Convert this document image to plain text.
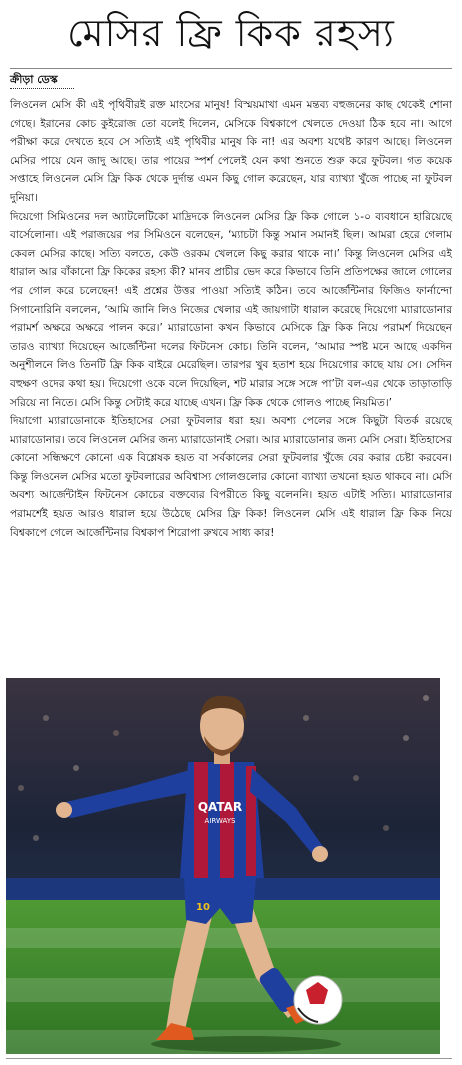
মেসির ফ্রি কিক রহস্য
ক্রীড়া ডেস্ক

লিওনেল মেসি কী এই পৃথিবীরই রক্ত মাংসের মানুষ! বিস্ময়মাখা এমন মন্তব্য বহুজনের কাছ থেকেই শোনা গেছে। ইরানের কোচ কুইরোজ তো বলেই দিলেন, মেসিকে বিশ্বকাপে খেলতে দেওয়া ঠিক হবে না। আগে পরীক্ষা করে দেখতে হবে সে সত্যিই এই পৃথিবীর মানুষ কি না! এর অবশ্য যথেষ্ট কারণ আছে। লিওনেল মেসির পায়ে যেন জাদু আছে। তার পায়ের স্পর্শ পেলেই যেন কথা শুনতে শুরু করে ফুটবল। গত কয়েক সপ্তাহে লিওনেল মেসি ফ্রি কিক থেকে দুর্দান্ত এমন কিছু গোল করেছেন, যার ব্যাখ্যা খুঁজে পাচ্ছে না ফুটবল দুনিয়া।

দিয়েগো সিমিওনের দল অ্যাটলেটিকো মাদ্রিদকে লিওনেল মেসির ফ্রি কিক গোলে ১-০ ব্যবধানে হারিয়েছে বার্সেলোনা। এই পরাজয়ের পর সিমিওনে বলেছেন, ‘ম্যাচটা কিন্তু সমান সমানই ছিল। আমরা হেরে গেলাম কেবল মেসির কাছে। সত্যি বলতে, কেউ ওরকম খেললে কিছু করার থাকে না।’ কিন্তু লিওনেল মেসির এই ধারাল আর বাঁকানো ফ্রি কিকের রহস্য কী? মানব প্রাচীর ভেদ করে কিভাবে তিনি প্রতিপক্ষের জালে গোলের পর গোল করে চলেছেন! এই প্রশ্নের উত্তর পাওয়া সত্যিই কঠিন। তবে আর্জেন্টিনার ফিজিও ফার্নান্দো সিগানোরিনি বললেন, ‘আমি জানি লিও নিজের খেলার এই জায়গাটা ধারাল করেছে দিয়েগো ম্যারাডোনার পরামর্শ অক্ষরে অক্ষরে পালন করে।’ ম্যারাডোনা কখন কিভাবে মেসিকে ফ্রি কিক নিয়ে পরামর্শ দিয়েছেন তারও ব্যাখ্যা দিয়েছেন আর্জেন্টিনা দলের ফিটনেস কোচ। তিনি বলেন, ‘আমার স্পষ্ট মনে আছে একদিন অনুশীলনে লিও তিনটি ফ্রি কিক বাইরে মেরেছিল। তারপর খুব হতাশ হয়ে দিয়েগোর কাছে যায় সে। সেদিন বহুক্ষণ ওদের কথা হয়। দিয়েগো ওকে বলে দিয়েছিল, শট মারার সঙ্গে সঙ্গে পা’টা বল-এর থেকে তাড়াতাড়ি সরিয়ে না নিতে। মেসি কিন্তু সেটাই করে যাচ্ছে এখন। ফ্রি কিক থেকে গোলও পাচ্ছে নিয়মিত।’

দিয়াগো ম্যারাডোনাকে ইতিহাসের সেরা ফুটবলার ধরা হয়। অবশ্য পেলের সঙ্গে কিছুটা বিতর্ক রয়েছে ম্যারাডোনার। তবে লিওনেল মেসির জন্য ম্যারাডোনাই সেরা। আর ম্যারাডোনার জন্য মেসি সেরা। ইতিহাসের কোনো সন্ধিক্ষণে কোনো এক বিশ্লেষক হয়ত বা সর্বকালের সেরা ফুটবলার খুঁজে বের করার চেষ্টা করবেন। কিন্তু লিওনেল মেসির মতো ফুটবলারের অবিশ্বাস্য গোলগুলোর কোনো ব্যাখ্যা তখনো হয়ত থাকবে না। মেসি অবশ্য আর্জেন্টাইন ফিটনেস কোচের বক্তব্যের বিপরীতে কিছু বলেননি। হয়ত এটাই সত্যি। ম্যারাডোনার পরামর্শেই হয়ত আরও ধারাল হয়ে উঠেছে মেসির ফ্রি কিক! লিওনেল মেসি এই ধারাল ফ্রি কিক নিয়ে বিশ্বকাপে গেলে আর্জেন্টিনার বিশ্বকাপ শিরোপা রুখবে সাধ্য কার!

QATAR
AIRWAYS
10
